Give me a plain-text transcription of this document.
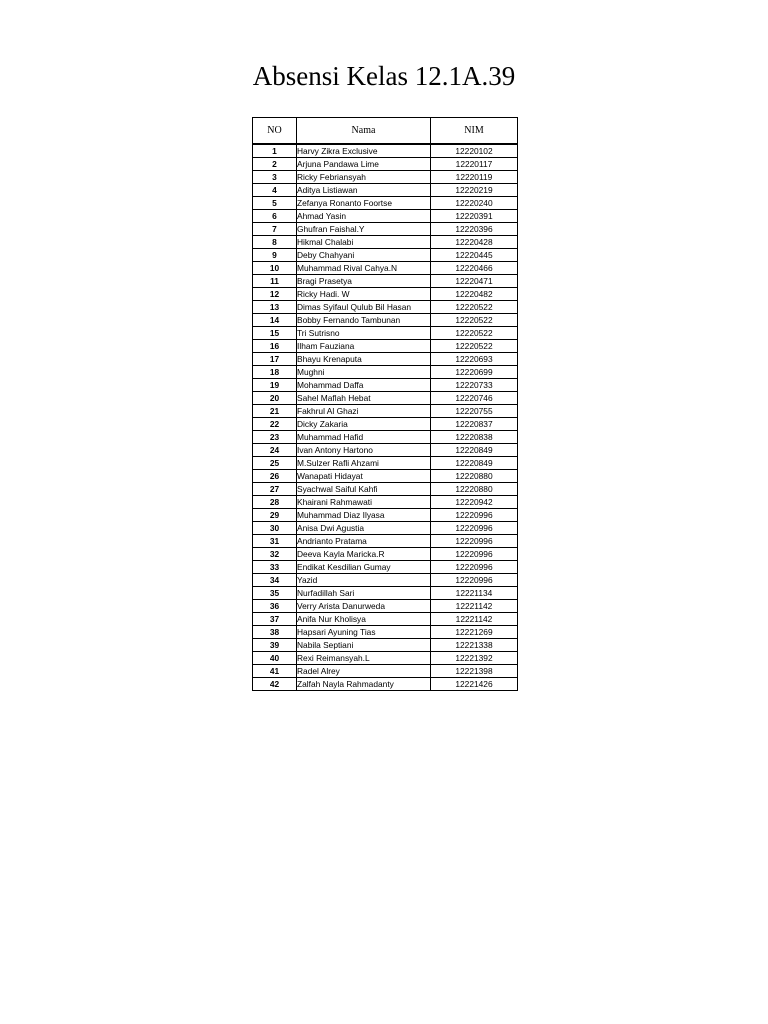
Absensi Kelas 12.1A.39
NO	Nama	NIM
1	Harvy Zikra Exclusive	12220102
2	Arjuna Pandawa Lime	12220117
3	Ricky Febriansyah	12220119
4	Aditya Listiawan	12220219
5	Zefanya Ronanto Foortse	12220240
6	Ahmad Yasin	12220391
7	Ghufran Faishal.Y	12220396
8	Hikmal Chalabi	12220428
9	Deby Chahyani	12220445
10	Muhammad Rival Cahya.N	12220466
11	Bragi Prasetya	12220471
12	Ricky Hadi. W	12220482
13	Dimas Syifaul Qulub Bil Hasan	12220522
14	Bobby Fernando Tambunan	12220522
15	Tri Sutrisno	12220522
16	Ilham Fauziana	12220522
17	Bhayu Krenaputa	12220693
18	Mughni	12220699
19	Mohammad Daffa	12220733
20	Sahel Maflah Hebat	12220746
21	Fakhrul Al Ghazi	12220755
22	Dicky Zakaria	12220837
23	Muhammad Hafid	12220838
24	Ivan Antony Hartono	12220849
25	M.Sulzer Rafli Ahzami	12220849
26	Wanapati Hidayat	12220880
27	Syachwal Saiful Kahfi	12220880
28	Khairani Rahmawati	12220942
29	Muhammad Diaz Ilyasa	12220996
30	Anisa Dwi Agustia	12220996
31	Andrianto Pratama	12220996
32	Deeva Kayla Maricka.R	12220996
33	Endikat Kesdilian Gumay	12220996
34	Yazid	12220996
35	Nurfadillah Sari	12221134
36	Verry Arista Danurweda	12221142
37	Anifa Nur Kholisya	12221142
38	Hapsari Ayuning Tias	12221269
39	Nabila Septiani	12221338
40	Rexi Reimansyah.L	12221392
41	Radel Alrey	12221398
42	Zalfah Nayla Rahmadanty	12221426
